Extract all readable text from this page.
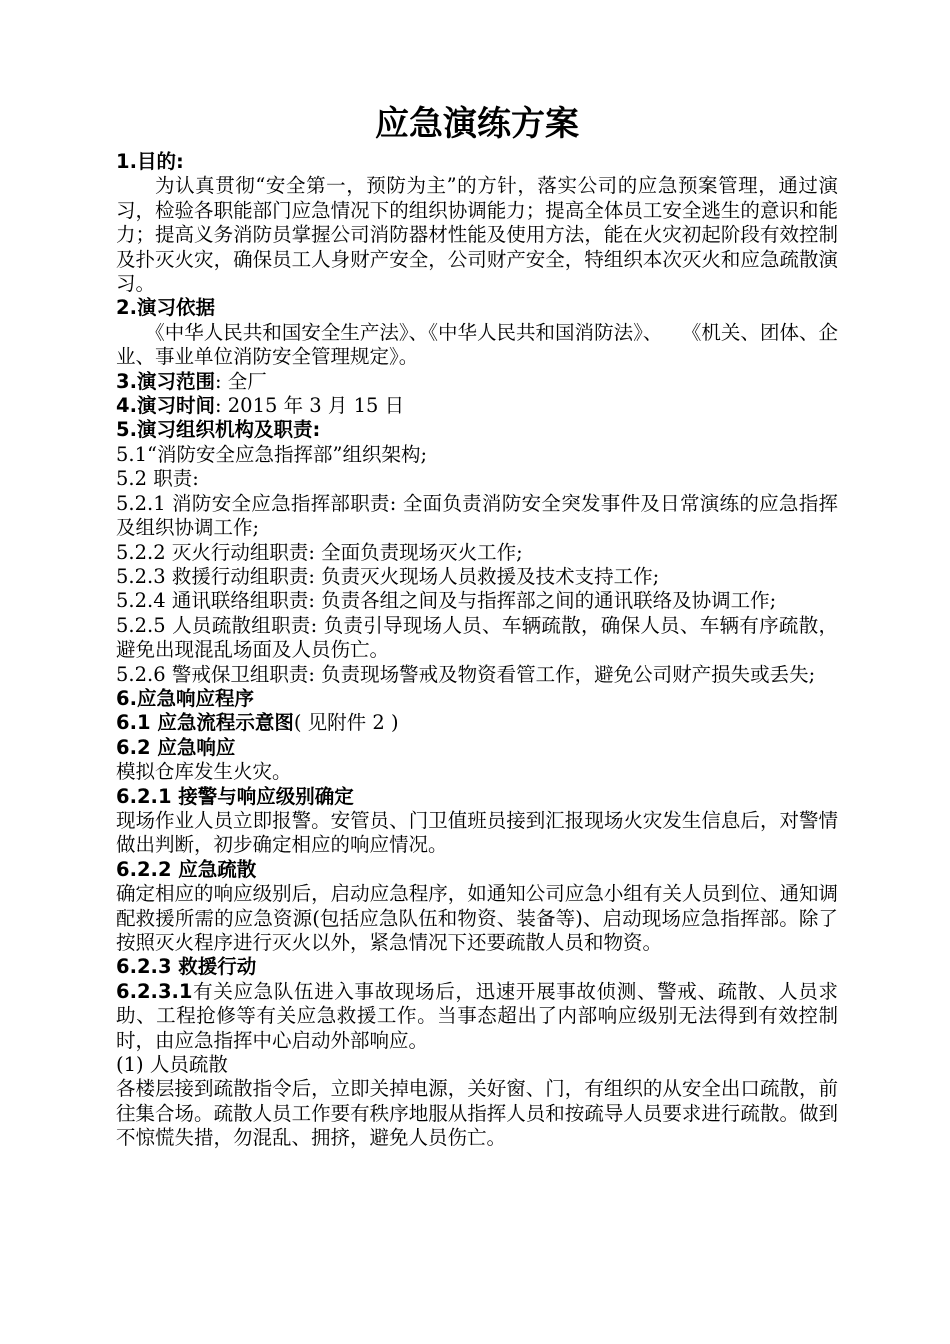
应急演练方案
1.目的:
为认真贯彻“安全第一，预防为主”的方针，落实公司的应急预案管理，通过演习，检验各职能部门应急情况下的组织协调能力；提高全体员工安全逃生的意识和能力；提高义务消防员掌握公司消防器材性能及使用方法，能在火灾初起阶段有效控制及扑灭火灾，确保员工人身财产安全，公司财产安全，特组织本次灭火和应急疏散演习。
2.演习依据
《中华人民共和国安全生产法》、《中华人民共和国消防法》、　　《机关、团体、企业、事业单位消防安全管理规定》。
3.演习范围: 全厂
4.演习时间: 2015 年 3 月 15 日
5.演习组织机构及职责:
5.1“消防安全应急指挥部”组织架构;
5.2 职责:
5.2.1 消防安全应急指挥部职责: 全面负责消防安全突发事件及日常演练的应急指挥及组织协调工作;
5.2.2 灭火行动组职责: 全面负责现场灭火工作;
5.2.3 救援行动组职责: 负责灭火现场人员救援及技术支持工作;
5.2.4 通讯联络组职责: 负责各组之间及与指挥部之间的通讯联络及协调工作;
5.2.5 人员疏散组职责: 负责引导现场人员、车辆疏散，确保人员、车辆有序疏散，避免出现混乱场面及人员伤亡。
5.2.6 警戒保卫组职责: 负责现场警戒及物资看管工作，避免公司财产损失或丢失;
6.应急响应程序
6.1 应急流程示意图( 见附件 2 )
6.2 应急响应
模拟仓库发生火灾。
6.2.1 接警与响应级别确定
现场作业人员立即报警。安管员、门卫值班员接到汇报现场火灾发生信息后，对警情做出判断，初步确定相应的响应情况。
6.2.2 应急疏散
确定相应的响应级别后，启动应急程序，如通知公司应急小组有关人员到位、通知调配救援所需的应急资源(包括应急队伍和物资、装备等)、启动现场应急指挥部。除了按照灭火程序进行灭火以外，紧急情况下还要疏散人员和物资。
6.2.3 救援行动
6.2.3.1有关应急队伍进入事故现场后，迅速开展事故侦测、警戒、疏散、人员求助、工程抢修等有关应急救援工作。当事态超出了内部响应级别无法得到有效控制时，由应急指挥中心启动外部响应。
(1) 人员疏散
各楼层接到疏散指令后，立即关掉电源，关好窗、门，有组织的从安全出口疏散，前往集合场。疏散人员工作要有秩序地服从指挥人员和按疏导人员要求进行疏散。做到不惊慌失措，勿混乱、拥挤，避免人员伤亡。
